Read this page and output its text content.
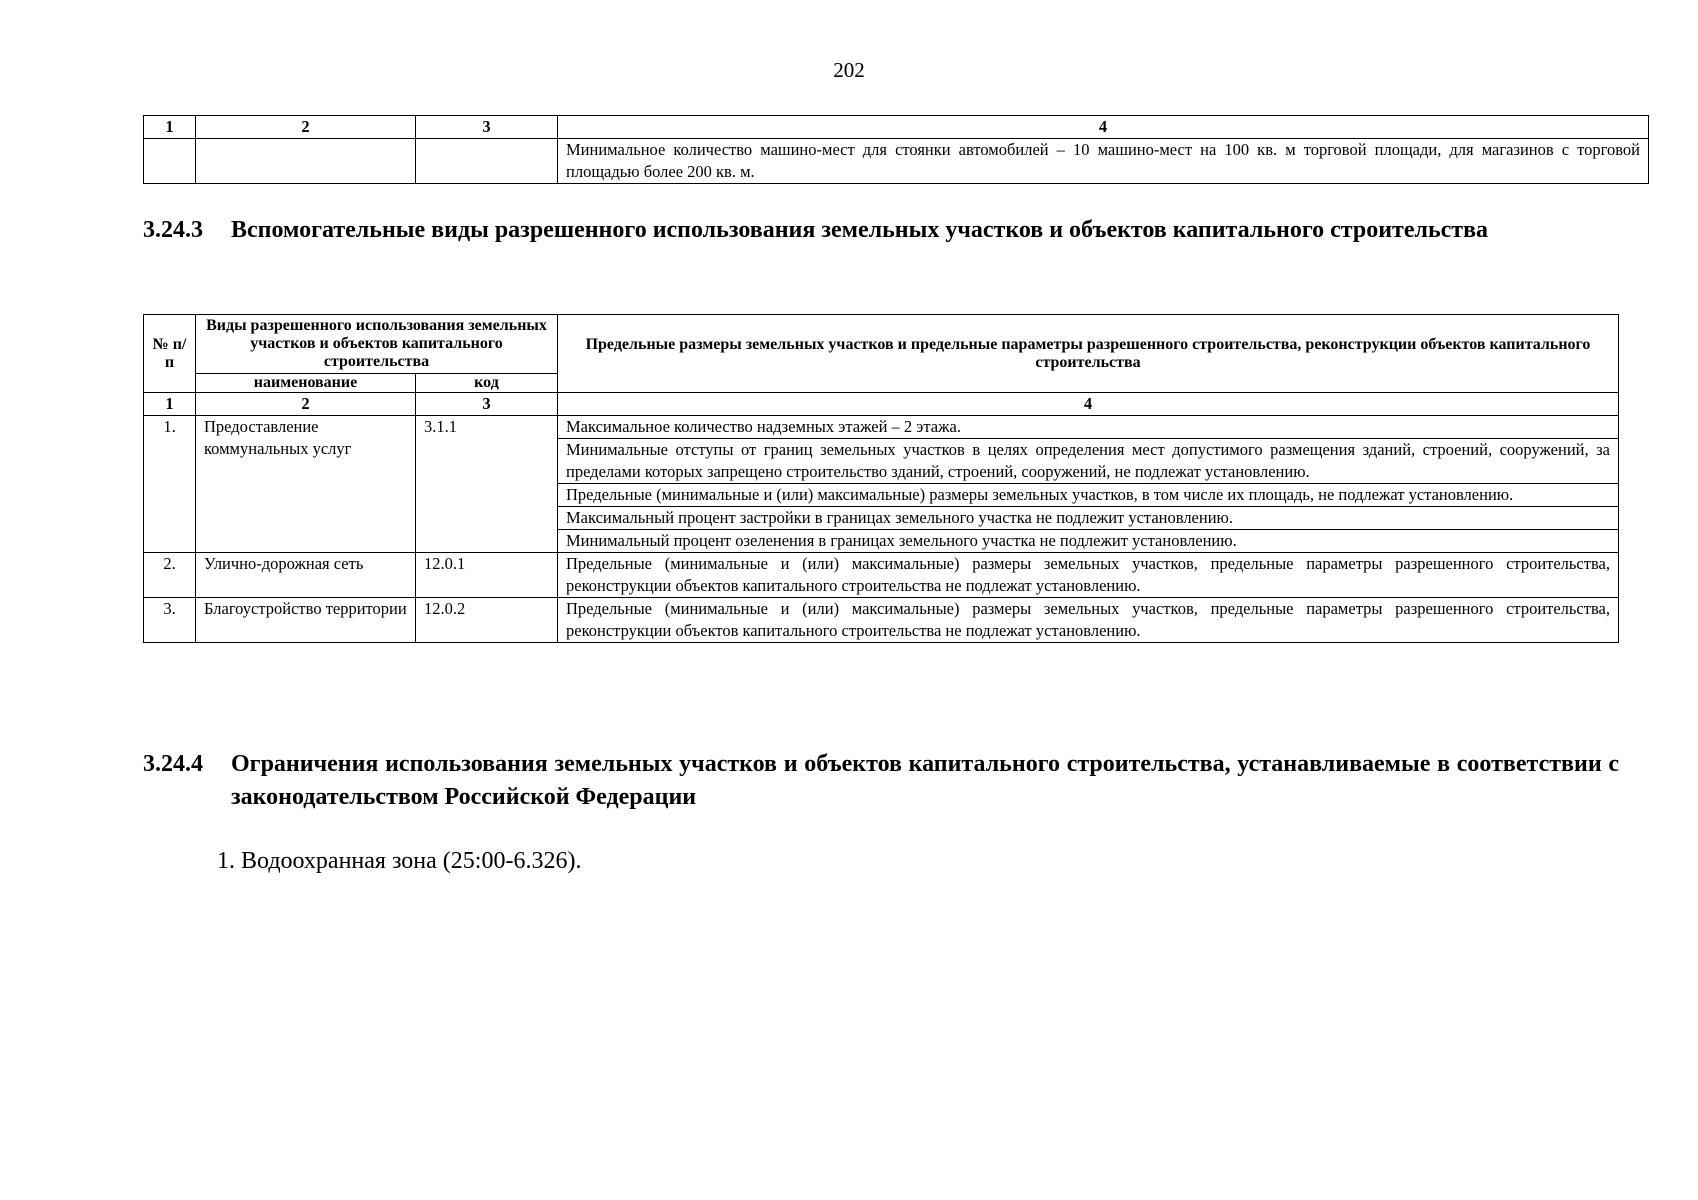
202
1	2	3	4
			Минимальное количество машино-мест для стоянки автомобилей – 10 машино-мест на 100 кв. м торговой площади, для магазинов с торговой площадью более 200 кв. м.
3.24.3	Вспомогательные виды разрешенного использования земельных участков и объектов капитального строительства
№ п/п	Виды разрешенного использования земельных участков и объектов капитального строительства		Предельные размеры земельных участков и предельные параметры разрешенного строительства, реконструкции объектов капитального строительства
	наименование	код	
1	2	3	4
1.	Предоставление коммунальных услуг	3.1.1	Максимальное количество надземных этажей – 2 этажа.
			Минимальные отступы от границ земельных участков в целях определения мест допустимого размещения зданий, строений, сооружений, за пределами которых запрещено строительство зданий, строений, сооружений, не подлежат установлению.
			Предельные (минимальные и (или) максимальные) размеры земельных участков, в том числе их площадь, не подлежат установлению.
			Максимальный процент застройки в границах земельного участка не подлежит установлению.
			Минимальный процент озеленения в границах земельного участка не подлежит установлению.
2.	Улично-дорожная сеть	12.0.1	Предельные (минимальные и (или) максимальные) размеры земельных участков, предельные параметры разрешенного строительства, реконструкции объектов капитального строительства не подлежат установлению.
3.	Благоустройство территории	12.0.2	Предельные (минимальные и (или) максимальные) размеры земельных участков, предельные параметры разрешенного строительства, реконструкции объектов капитального строительства не подлежат установлению.
3.24.4	Ограничения использования земельных участков и объектов капитального строительства, устанавливаемые в соответствии с законодательством Российской Федерации
1. Водоохранная зона (25:00-6.326).
